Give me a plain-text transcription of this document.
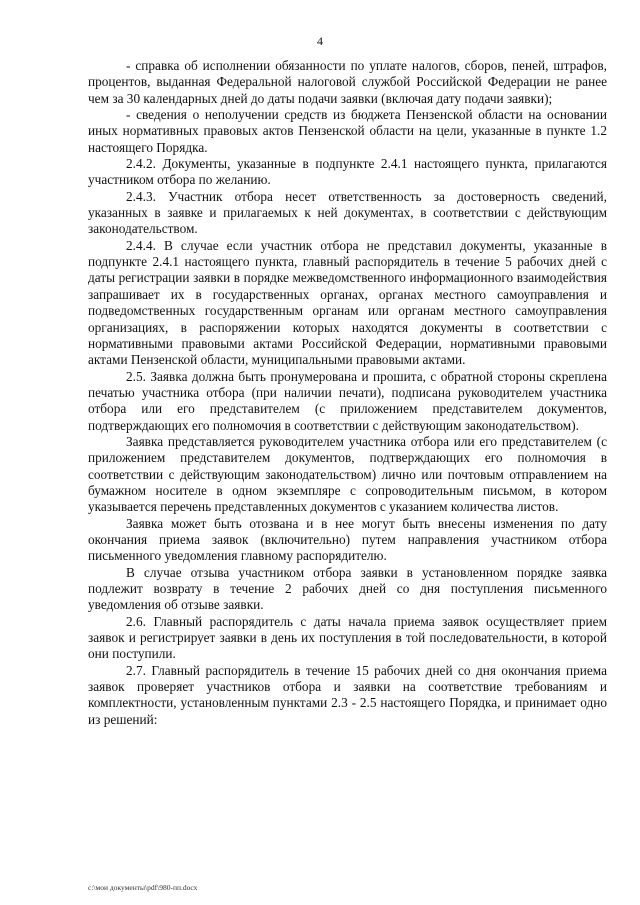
4

- справка об исполнении обязанности по уплате налогов, сборов, пеней, штрафов, процентов, выданная Федеральной налоговой службой Российской Федерации не ранее чем за 30 календарных дней до даты подачи заявки (включая дату подачи заявки);

- сведения о неполучении средств из бюджета Пензенской области на основании иных нормативных правовых актов Пензенской области на цели, указанные в пункте 1.2 настоящего Порядка.

2.4.2. Документы, указанные в подпункте 2.4.1 настоящего пункта, прилагаются участником отбора по желанию.

2.4.3. Участник отбора несет ответственность за достоверность сведений, указанных в заявке и прилагаемых к ней документах, в соответствии с действующим законодательством.

2.4.4. В случае если участник отбора не представил документы, указанные в подпункте 2.4.1 настоящего пункта, главный распорядитель в течение 5 рабочих дней с даты регистрации заявки в порядке межведомственного информационного взаимодействия запрашивает их в государственных органах, органах местного самоуправления и подведомственных государственным органам или органам местного самоуправления организациях, в распоряжении которых находятся документы в соответствии с нормативными правовыми актами Российской Федерации, нормативными правовыми актами Пензенской области, муниципальными правовыми актами.

2.5. Заявка должна быть пронумерована и прошита, с обратной стороны скреплена печатью участника отбора (при наличии печати), подписана руководителем участника отбора или его представителем (с приложением представителем документов, подтверждающих его полномочия в соответствии с действующим законодательством).

Заявка представляется руководителем участника отбора или его представителем (с приложением представителем документов, подтверждающих его полномочия в соответствии с действующим законодательством) лично или почтовым отправлением на бумажном носителе в одном экземпляре с сопроводительным письмом, в котором указывается перечень представленных документов с указанием количества листов.

Заявка может быть отозвана и в нее могут быть внесены изменения по дату окончания приема заявок (включительно) путем направления участником отбора письменного уведомления главному распорядителю.

В случае отзыва участником отбора заявки в установленном порядке заявка подлежит возврату в течение 2 рабочих дней со дня поступления письменного уведомления об отзыве заявки.

2.6. Главный распорядитель с даты начала приема заявок осуществляет прием заявок и регистрирует заявки в день их поступления в той последовательности, в которой они поступили.

2.7. Главный распорядитель в течение 15 рабочих дней со дня окончания приема заявок проверяет участников отбора и заявки на соответствие требованиям и комплектности, установленным пунктами 2.3 - 2.5 настоящего Порядка, и принимает одно из решений:

c:\мои документы\pdf\980-пп.docx
